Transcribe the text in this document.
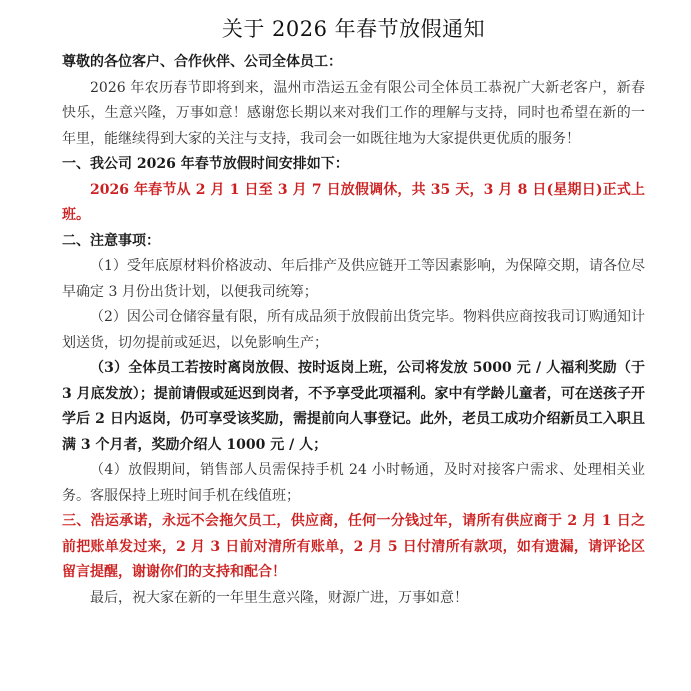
关于 2026 年春节放假通知

尊敬的各位客户、合作伙伴、公司全体员工：

2026 年农历春节即将到来，温州市浩运五金有限公司全体员工恭祝广大新老客户，新春快乐，生意兴隆，万事如意！感谢您长期以来对我们工作的理解与支持，同时也希望在新的一年里，能继续得到大家的关注与支持，我司会一如既往地为大家提供更优质的服务！

一、我公司 2026 年春节放假时间安排如下：

2026 年春节从 2 月 1 日至 3 月 7 日放假调休，共 35 天，3 月 8 日(星期日)正式上班。

二、注意事项：

（1）受年底原材料价格波动、年后排产及供应链开工等因素影响，为保障交期，请各位尽早确定 3 月份出货计划，以便我司统筹；

（2）因公司仓储容量有限，所有成品须于放假前出货完毕。物料供应商按我司订购通知计划送货，切勿提前或延迟，以免影响生产；

（3）全体员工若按时离岗放假、按时返岗上班，公司将发放 5000 元 / 人福利奖励（于 3 月底发放）；提前请假或延迟到岗者，不予享受此项福利。家中有学龄儿童者，可在送孩子开学后 2 日内返岗，仍可享受该奖励，需提前向人事登记。此外，老员工成功介绍新员工入职且满 3 个月者，奖励介绍人 1000 元 / 人；

（4）放假期间，销售部人员需保持手机 24 小时畅通，及时对接客户需求、处理相关业务。客服保持上班时间手机在线值班；

三、浩运承诺，永远不会拖欠员工，供应商，任何一分钱过年，请所有供应商于 2 月 1 日之前把账单发过来，2 月 3 日前对清所有账单，2 月 5 日付清所有款项，如有遗漏，请评论区留言提醒，谢谢你们的支持和配合！

最后，祝大家在新的一年里生意兴隆，财源广进，万事如意！
